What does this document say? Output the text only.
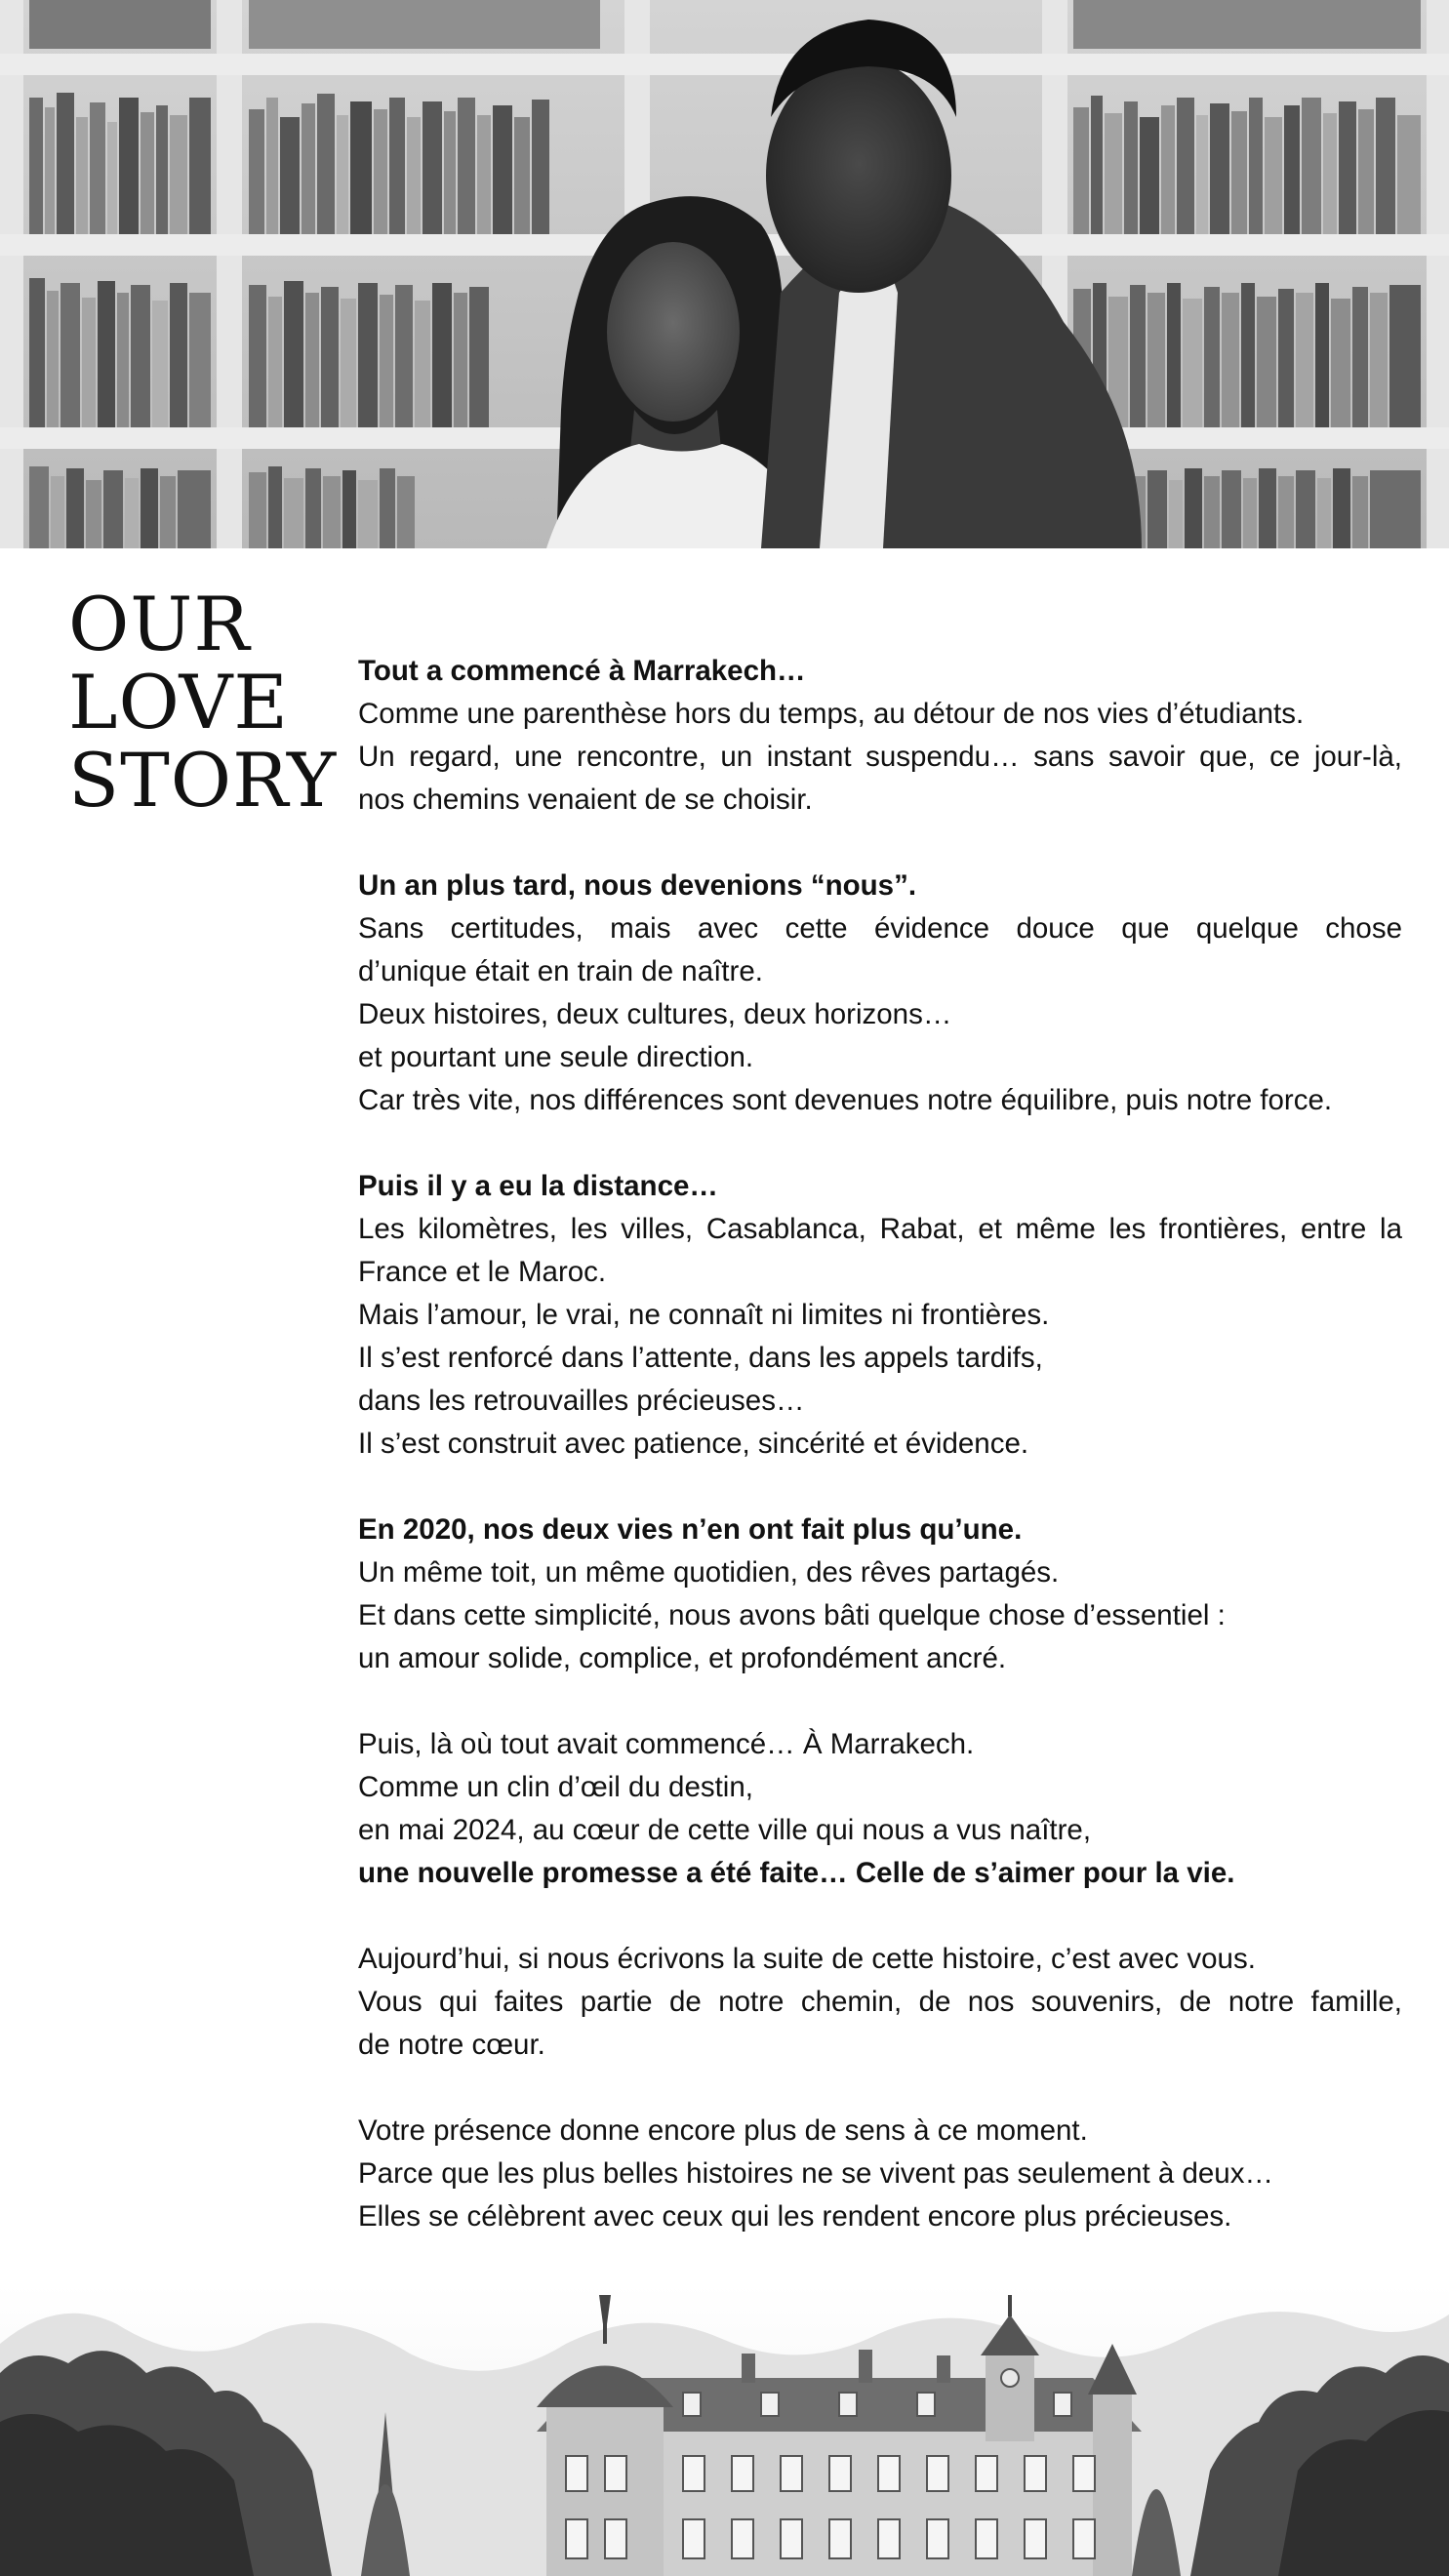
OUR
LOVE
STORY

Tout a commencé à Marrakech…
Comme une parenthèse hors du temps, au détour de nos vies d’étudiants.
Un regard, une rencontre, un instant suspendu… sans savoir que, ce jour-là,
nos chemins venaient de se choisir.

Un an plus tard, nous devenions “nous”.
Sans certitudes, mais avec cette évidence douce que quelque chose
d’unique était en train de naître.
Deux histoires, deux cultures, deux horizons…
et pourtant une seule direction.
Car très vite, nos différences sont devenues notre équilibre, puis notre force.

Puis il y a eu la distance…
Les kilomètres, les villes, Casablanca, Rabat, et même les frontières, entre la
France et le Maroc.
Mais l’amour, le vrai, ne connaît ni limites ni frontières.
Il s’est renforcé dans l’attente, dans les appels tardifs,
dans les retrouvailles précieuses…
Il s’est construit avec patience, sincérité et évidence.

En 2020, nos deux vies n’en ont fait plus qu’une.
Un même toit, un même quotidien, des rêves partagés.
Et dans cette simplicité, nous avons bâti quelque chose d’essentiel :
un amour solide, complice, et profondément ancré.

Puis, là où tout avait commencé… À Marrakech.
Comme un clin d’œil du destin,
en mai 2024, au cœur de cette ville qui nous a vus naître,
une nouvelle promesse a été faite… Celle de s’aimer pour la vie.

Aujourd’hui, si nous écrivons la suite de cette histoire, c’est avec vous.
Vous qui faites partie de notre chemin, de nos souvenirs, de notre famille,
de notre cœur.

Votre présence donne encore plus de sens à ce moment.
Parce que les plus belles histoires ne se vivent pas seulement à deux…
Elles se célèbrent avec ceux qui les rendent encore plus précieuses.
